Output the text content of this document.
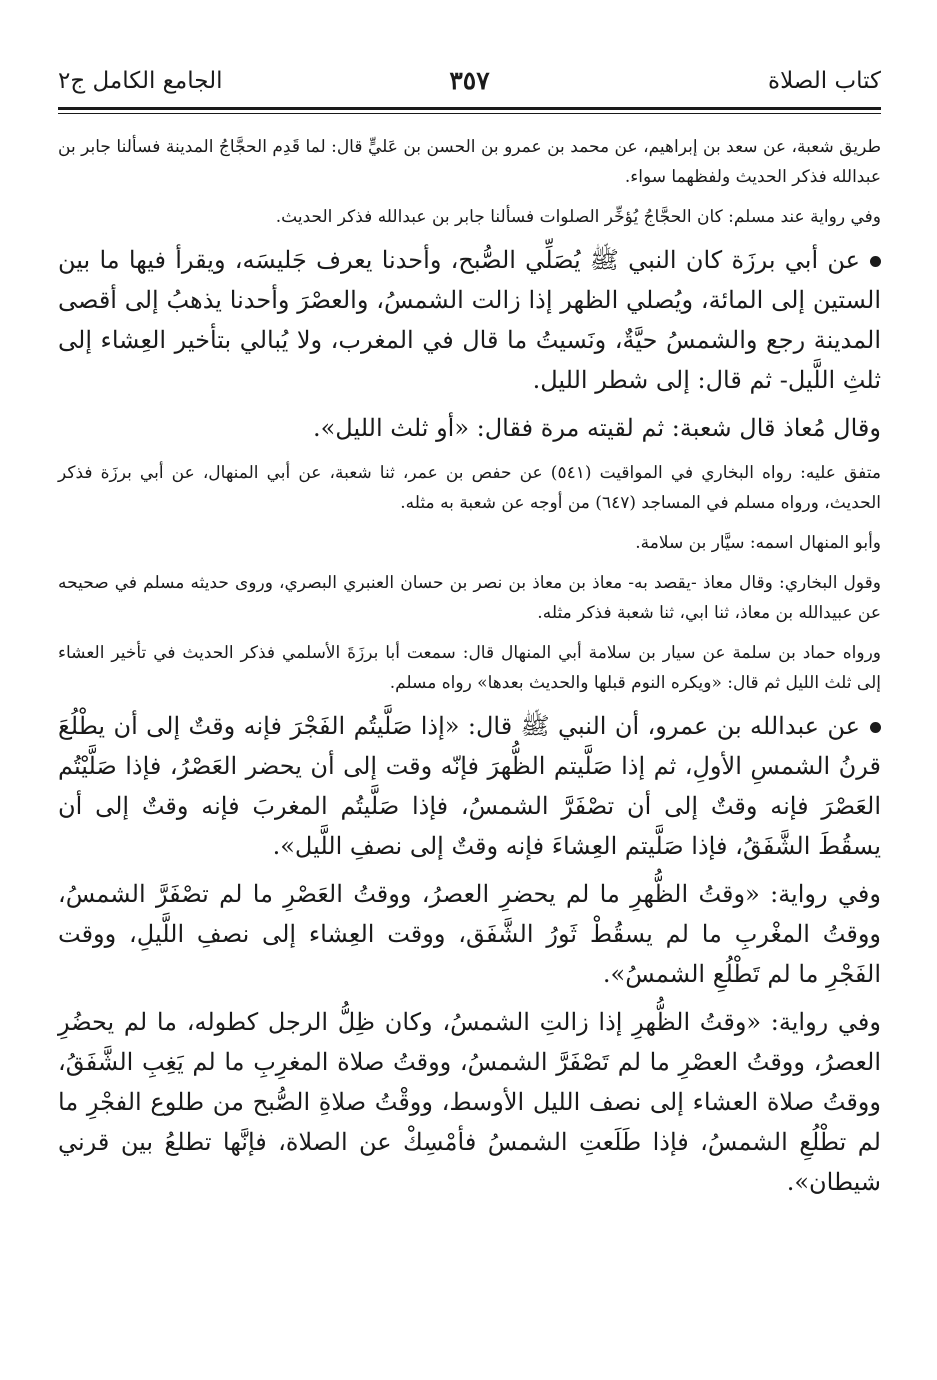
كتاب الصلاة
٣٥٧
الجامع الكامل ج٢

طريق شعبة، عن سعد بن إبراهيم، عن محمد بن عمرو بن الحسن بن عَليٍّ قال: لما قَدِم الحجَّاجُ المدينة فسألنا جابر بن عبدالله فذكر الحديث ولفظهما سواء.

وفي رواية عند مسلم: كان الحجَّاجُ يُؤخِّر الصلوات فسألنا جابر بن عبدالله فذكر الحديث.

عن أبي برزَة كان النبي ﷺ يُصَلِّي الصُّبح، وأحدنا يعرف جَليسَه، ويقرأ فيها ما بين الستين إلى المائة، ويُصلي الظهر إذا زالت الشمسُ، والعصْرَ وأحدنا يذهبُ إلى أقصى المدينة رجع والشمسُ حيَّةٌ، ونَسيتُ ما قال في المغرب، ولا يُبالي بتأخير العِشاء إلى ثلثِ اللَّيل- ثم قال: إلى شطر الليل.

وقال مُعاذ قال شعبة: ثم لقيته مرة فقال: «أو ثلث الليل».

متفق عليه: رواه البخاري في المواقيت (٥٤١) عن حفص بن عمر، ثنا شعبة، عن أبي المنهال، عن أبي برزَة فذكر الحديث، ورواه مسلم في المساجد (٦٤٧) من أوجه عن شعبة به مثله.

وأبو المنهال اسمه: سيَّار بن سلامة.

وقول البخاري: وقال معاذ -يقصد به- معاذ بن معاذ بن نصر بن حسان العنبري البصري، وروى حديثه مسلم في صحيحه عن عبيدالله بن معاذ، ثنا ابي، ثنا شعبة فذكر مثله.

ورواه حماد بن سلمة عن سيار بن سلامة أبي المنهال قال: سمعت أبا برزَةَ الأسلمي فذكر الحديث في تأخير العشاء إلى ثلث الليل ثم قال: «ويكره النوم قبلها والحديث بعدها» رواه مسلم.

عن عبدالله بن عمرو، أن النبي ﷺ قال: «إذا صَلَّيتُم الفَجْرَ فإنه وقتٌ إلى أن يطْلُعَ قرنُ الشمسِ الأولِ، ثم إذا صَلَّيتم الظُّهرَ فإنّه وقت إلى أن يحضر العَصْرُ، فإذا صَلَّيْتُم العَصْرَ فإنه وقتٌ إلى أن تصْفَرَّ الشمسُ، فإذا صَلَّيتُم المغربَ فإنه وقتٌ إلى أن يسقُطَ الشَّفَقُ، فإذا صَلَّيتم العِشاءَ فإنه وقتٌ إلى نصفِ اللَّيل».

وفي رواية: «وقتُ الظُّهرِ ما لم يحضرِ العصرُ، ووقتُ العَصْرِ ما لم تصْفَرَّ الشمسُ، ووقتُ المغْربِ ما لم يسقُطْ ثَورُ الشَّفَق، ووقت العِشاء إلى نصفِ اللَّيلِ، ووقت الفَجْرِ ما لم تَطْلُعِ الشمسُ».

وفي رواية: «وقتُ الظُّهرِ إذا زالتِ الشمسُ، وكان ظِلُّ الرجل كطوله، ما لم يحضُرِ العصرُ، ووقتُ العصْرِ ما لم تَصْفَرَّ الشمسُ، ووقتُ صلاة المغرِبِ ما لم يَغِبِ الشَّفَقُ، ووقتُ صلاة العشاء إلى نصف الليل الأوسط، ووقْتُ صلاةِ الصُّبح من طلوع الفجْرِ ما لم تطْلُعِ الشمسُ، فإذا طَلَعتِ الشمسُ فأمْسِكْ عن الصلاة، فإنَّها تطلعُ بين قرني شيطان».
